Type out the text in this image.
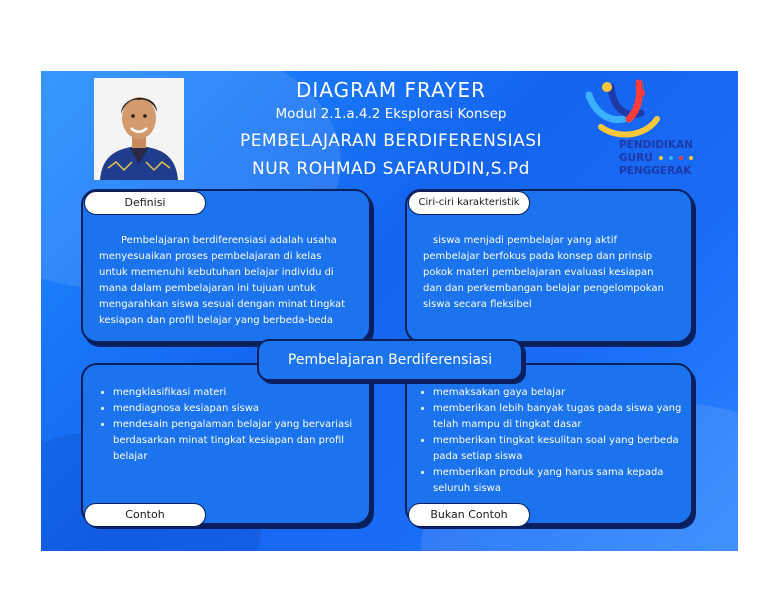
DIAGRAM FRAYER
Modul 2.1.a.4.2 Eksplorasi Konsep
PEMBELAJARAN BERDIFERENSIASI
NUR ROHMAD SAFARUDIN,S.Pd
PENDIDIKAN
GURU
PENGGERAK

Pembelajaran berdiferensiasi adalah usaha menyesuaikan proses pembelajaran di kelas untuk memenuhi kebutuhan belajar individu di mana dalam pembelajaran ini tujuan untuk mengarahkan siswa sesuai dengan minat tingkat kesiapan dan profil belajar yang berbeda-beda

siswa menjadi pembelajar yang aktif pembelajar berfokus pada konsep dan prinsip pokok materi pembelajaran evaluasi kesiapan dan dan perkembangan belajar pengelompokan siswa secara fleksibel

• mengklasifikasi materi
• mendiagnosa kesiapan siswa
• mendesain pengalaman belajar yang bervariasi berdasarkan minat tingkat kesiapan dan profil belajar
• memaksakan gaya belajar
• memberikan lebih banyak tugas pada siswa yang telah mampu di tingkat dasar
• memberikan tingkat kesulitan soal yang berbeda pada setiap siswa
• memberikan produk yang harus sama kepada seluruh siswa
Definisi	Ciri-ciri karakteristik
Contoh	Bukan Contoh
Pembelajaran Berdiferensiasi
